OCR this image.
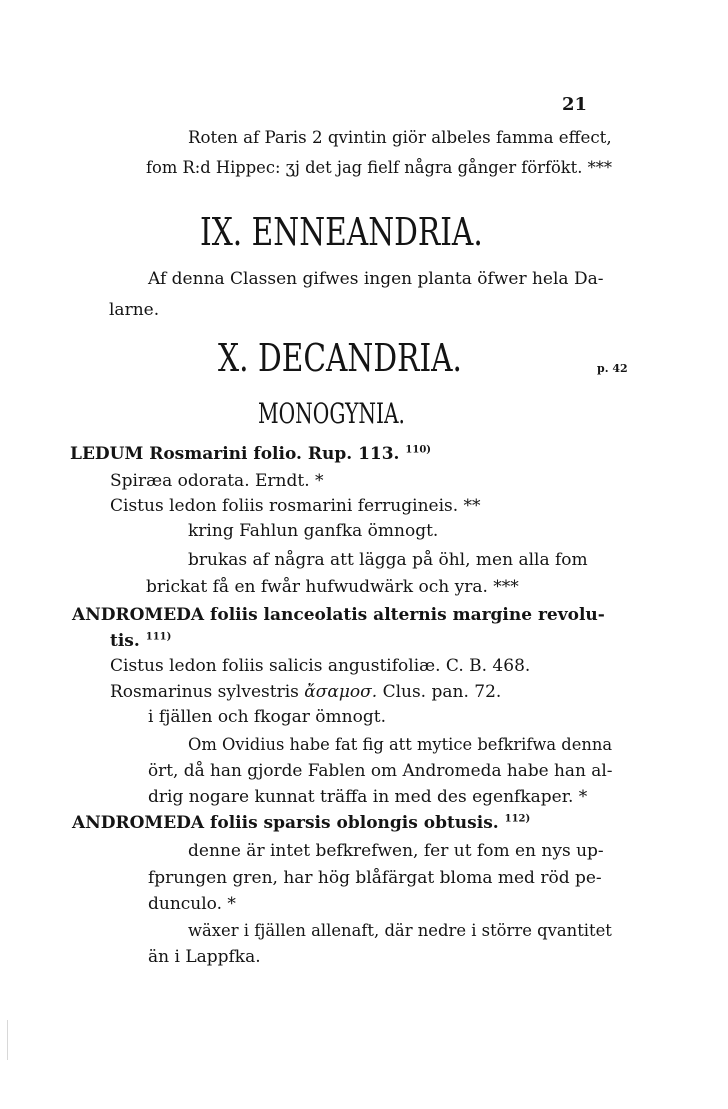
21
Roten af Paris 2 qvintin giör albeles famma effect,
fom R:d Hippec: ʒj det jag fielf några gånger förfökt. ***
IX. ENNEANDRIA.
Af denna Classen gifwes ingen planta öfwer hela Da-
larne.
X. DECANDRIA.	p. 42
MONOGYNIA.
LEDUM Rosmarini folio. Rup. 113. $^{110)}$
Spiræa odorata. Erndt. *
Cistus ledon foliis rosmarini ferrugineis. **
kring Fahlun ganfka ömnogt.
brukas af några att lägga på öhl, men alla fom
brickat få en fwår hufwudwärk och yra. ***
ANDROMEDA foliis lanceolatis alternis margine revolu-
tis. $^{111)}$
Cistus ledon foliis salicis angustifoliæ. C. B. 468.
Rosmarinus sylvestris ἄσαμοσ. Clus. pan. 72.
i fjällen och fkogar ömnogt.
Om Ovidius habe fat fig att mytice befkrifwa denna
ört, då han gjorde Fablen om Andromeda habe han al-
drig nogare kunnat träffa in med des egenfkaper. *
ANDROMEDA foliis sparsis oblongis obtusis. $^{112)}$
denne är intet befkrefwen, fer ut fom en nys up-
fprungen gren, har hög blåfärgat bloma med röd pe-
dunculo. *
wäxer i fjällen allenaft, där nedre i större qvantitet
än i Lappfka.
